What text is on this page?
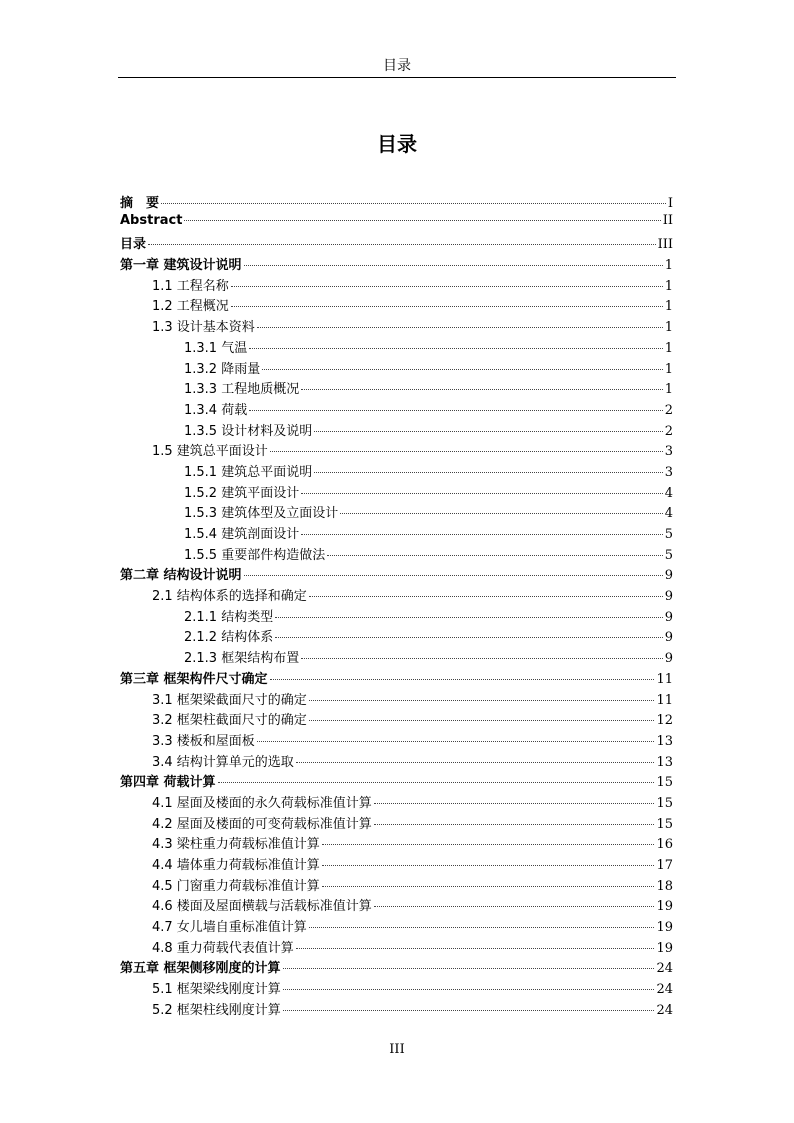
目录
目录
摘　要	I
Abstract	II
目录	III
第一章 建筑设计说明	1
1.1 工程名称	1
1.2 工程概况	1
1.3 设计基本资料	1
1.3.1 气温	1
1.3.2 降雨量	1
1.3.3 工程地质概况	1
1.3.4 荷载	2
1.3.5 设计材料及说明	2
1.5 建筑总平面设计	3
1.5.1 建筑总平面说明	3
1.5.2 建筑平面设计	4
1.5.3 建筑体型及立面设计	4
1.5.4 建筑剖面设计	5
1.5.5 重要部件构造做法	5
第二章 结构设计说明	9
2.1 结构体系的选择和确定	9
2.1.1 结构类型	9
2.1.2 结构体系	9
2.1.3 框架结构布置	9
第三章 框架构件尺寸确定	11
3.1 框架梁截面尺寸的确定	11
3.2 框架柱截面尺寸的确定	12
3.3 楼板和屋面板	13
3.4 结构计算单元的选取	13
第四章 荷载计算	15
4.1 屋面及楼面的永久荷载标准值计算	15
4.2 屋面及楼面的可变荷载标准值计算	15
4.3 梁柱重力荷载标准值计算	16
4.4 墙体重力荷载标准值计算	17
4.5 门窗重力荷载标准值计算	18
4.6 楼面及屋面横载与活载标准值计算	19
4.7 女儿墙自重标准值计算	19
4.8 重力荷载代表值计算	19
第五章 框架侧移刚度的计算	24
5.1 框架梁线刚度计算	24
5.2 框架柱线刚度计算	24
III
